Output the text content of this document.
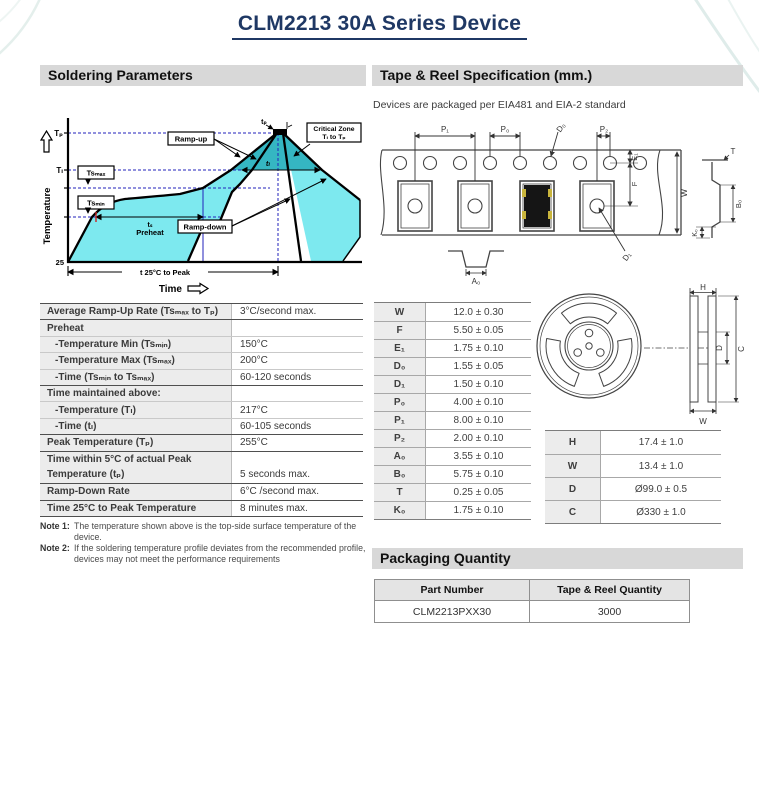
CLM2213 30A Series Device
Soldering Parameters	Tape & Reel Specification (mm.)
Devices are packaged per EIA481 and EIA-2 standard
Tₚ
Tₗ
25
Temperature
Time
Tsₘₐₓ
Tsₘᵢₙ
Ramp-up
Ramp-down
Critical Zone
Tₗ to Tₚ
tₛ
Preheat
tₗ
tₚ
t 25°C to Peak
Average Ramp-Up Rate (Tsₘₐₓ to Tₚ)	3°C/second max.
Preheat
-Temperature Min (Tsₘᵢₙ)	150°C
-Temperature Max (Tsₘₐₓ)	200°C
-Time (Tsₘᵢₙ to Tsₘₐₓ)	60-120 seconds
Time maintained above:
-Temperature (Tₗ)	217°C
-Time (tₗ)	60-105 seconds
Peak Temperature (Tₚ)	255°C
Time within 5°C of actual Peak
Temperature (tₚ)	5 seconds max.
Ramp-Down Rate	6°C /second max.
Time 25°C to Peak Temperature	8 minutes max.
Note 1: The temperature shown above is the top-side surface temperature of the device.
Note 2: If the soldering temperature profile deviates from the recommended profile,
devices may not meet the performance requirements
P₁	P₀	D₀	P₂
E₁
F
D₁
W
A₀
T
B₀
K₀
W	12.0 ± 0.30
F	5.50 ± 0.05
E₁	1.75 ± 0.10
D₀	1.55 ± 0.05
D₁	1.50 ± 0.10
P₀	4.00 ± 0.10
P₁	8.00 ± 0.10
P₂	2.00 ± 0.10
A₀	3.55 ± 0.10
B₀	5.75 ± 0.10
T	0.25 ± 0.05
K₀	1.75 ± 0.10
H
D C
W
H	17.4 ± 1.0
W	13.4 ± 1.0
D	Ø99.0 ± 0.5
C	Ø330 ± 1.0
Packaging Quantity
Part Number	Tape & Reel Quantity
CLM2213PXX30	3000
